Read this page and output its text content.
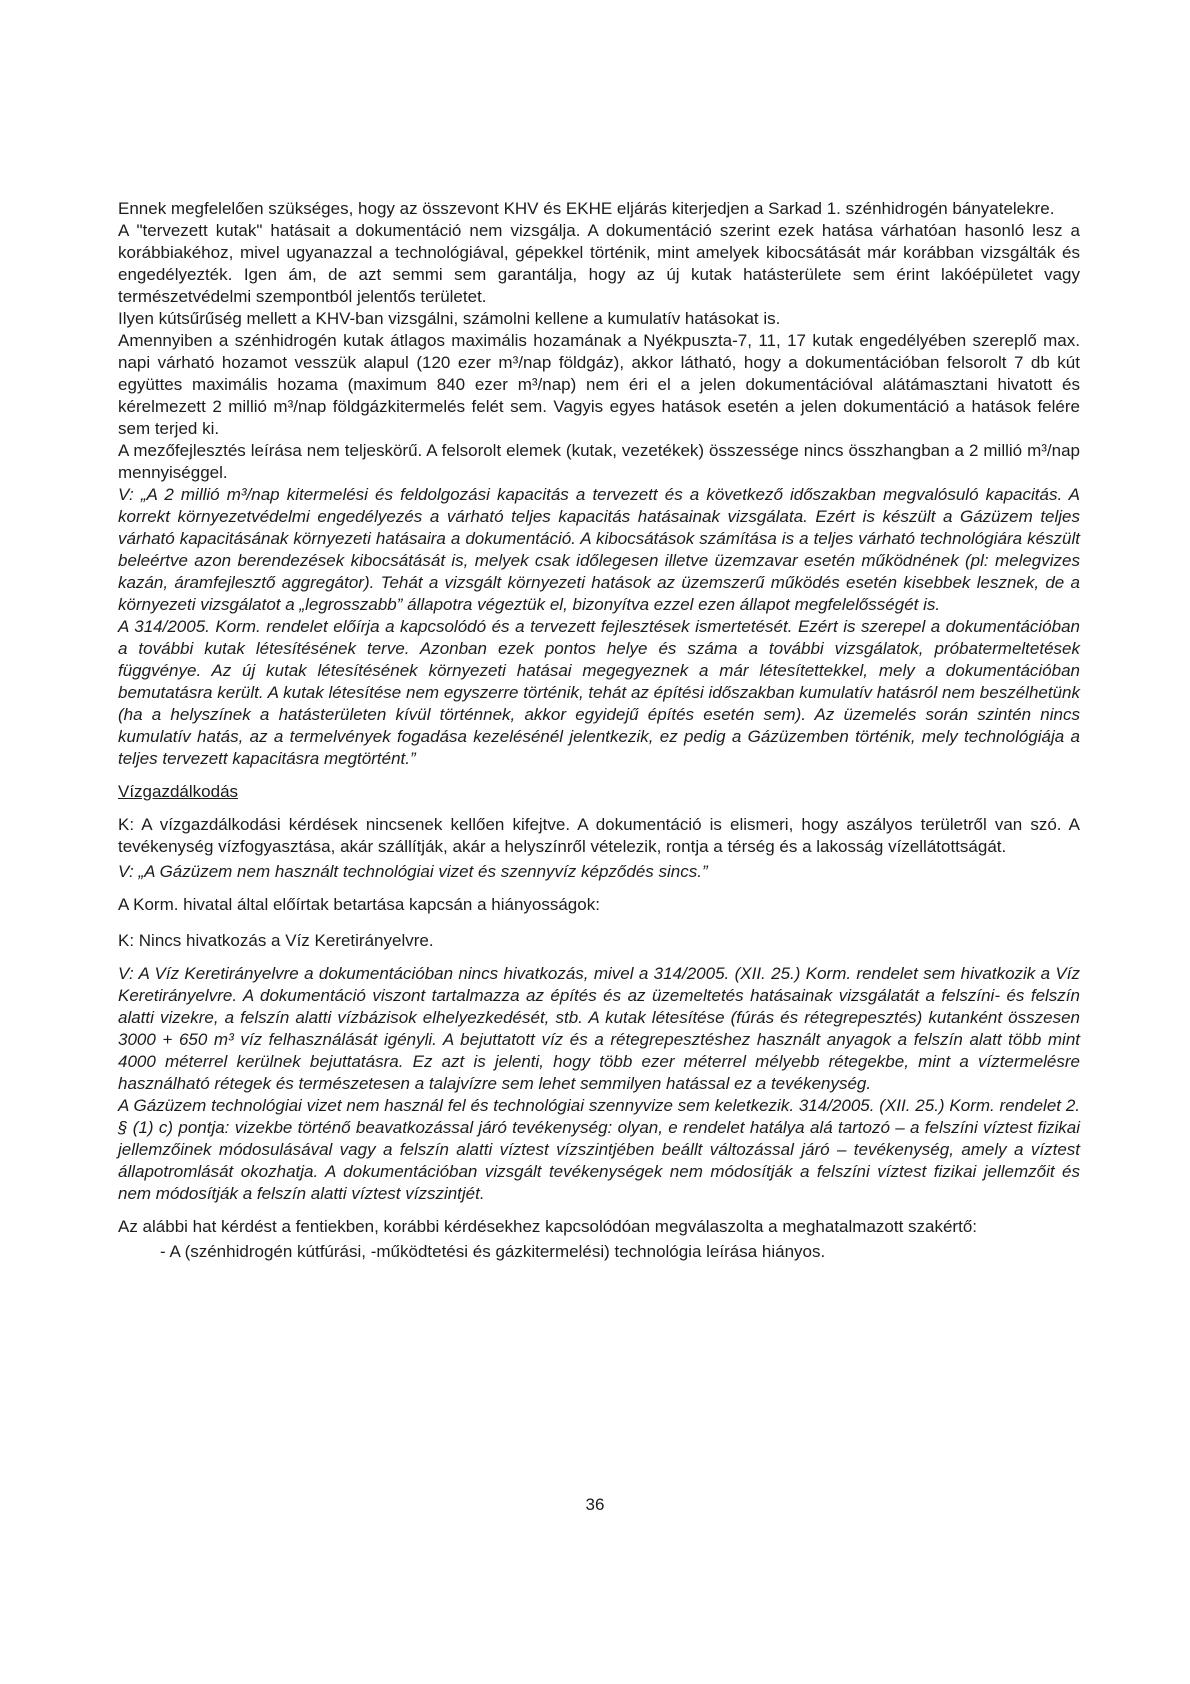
Ennek megfelelően szükséges, hogy az összevont KHV és EKHE eljárás kiterjedjen a Sarkad 1. szénhidrogén bányatelekre.

A "tervezett kutak" hatásait a dokumentáció nem vizsgálja. A dokumentáció szerint ezek hatása várhatóan hasonló lesz a korábbiakéhoz, mivel ugyanazzal a technológiával, gépekkel történik, mint amelyek kibocsátását már korábban vizsgálták és engedélyezték. Igen ám, de azt semmi sem garantálja, hogy az új kutak hatásterülete sem érint lakóépületet vagy természetvédelmi szempontból jelentős területet.

Ilyen kútsűrűség mellett a KHV-ban vizsgálni, számolni kellene a kumulatív hatásokat is.

Amennyiben a szénhidrogén kutak átlagos maximális hozamának a Nyékpuszta-7, 11, 17 kutak engedélyében szereplő max. napi várható hozamot vesszük alapul (120 ezer m³/nap földgáz), akkor látható, hogy a dokumentációban felsorolt 7 db kút együttes maximális hozama (maximum 840 ezer m³/nap) nem éri el a jelen dokumentációval alátámasztani hivatott és kérelmezett 2 millió m³/nap földgázkitermelés felét sem. Vagyis egyes hatások esetén a jelen dokumentáció a hatások felére sem terjed ki.

A mezőfejlesztés leírása nem teljeskörű. A felsorolt elemek (kutak, vezetékek) összessége nincs összhangban a 2 millió m³/nap mennyiséggel.

V: „A 2 millió m³/nap kitermelési és feldolgozási kapacitás a tervezett és a következő időszakban megvalósuló kapacitás. A korrekt környezetvédelmi engedélyezés a várható teljes kapacitás hatásainak vizsgálata. Ezért is készült a Gázüzem teljes várható kapacitásának környezeti hatásaira a dokumentáció. A kibocsátások számítása is a teljes várható technológiára készült beleértve azon berendezések kibocsátását is, melyek csak időlegesen illetve üzemzavar esetén működnének (pl: melegvizes kazán, áramfejlesztő aggregátor). Tehát a vizsgált környezeti hatások az üzemszerű működés esetén kisebbek lesznek, de a környezeti vizsgálatot a „legrosszabb” állapotra végeztük el, bizonyítva ezzel ezen állapot megfelelősségét is.

A 314/2005. Korm. rendelet előírja a kapcsolódó és a tervezett fejlesztések ismertetését. Ezért is szerepel a dokumentációban a további kutak létesítésének terve. Azonban ezek pontos helye és száma a további vizsgálatok, próbatermeltetések függvénye. Az új kutak létesítésének környezeti hatásai megegyeznek a már létesítettekkel, mely a dokumentációban bemutatásra került. A kutak létesítése nem egyszerre történik, tehát az építési időszakban kumulatív hatásról nem beszélhetünk (ha a helyszínek a hatásterületen kívül történnek, akkor egyidejű építés esetén sem). Az üzemelés során szintén nincs kumulatív hatás, az a termelvények fogadása kezelésénél jelentkezik, ez pedig a Gázüzemben történik, mely technológiája a teljes tervezett kapacitásra megtörtént.”

Vízgazdálkodás

K: A vízgazdálkodási kérdések nincsenek kellően kifejtve. A dokumentáció is elismeri, hogy aszályos területről van szó. A tevékenység vízfogyasztása, akár szállítják, akár a helyszínről vételezik, rontja a térség és a lakosság vízellátottságát.

V: „A Gázüzem nem használt technológiai vizet és szennyvíz képződés sincs.”

A Korm. hivatal által előírtak betartása kapcsán a hiányosságok:

K: Nincs hivatkozás a Víz Keretirányelvre.

V: A Víz Keretirányelvre a dokumentációban nincs hivatkozás, mivel a 314/2005. (XII. 25.) Korm. rendelet sem hivatkozik a Víz Keretirányelvre. A dokumentáció viszont tartalmazza az építés és az üzemeltetés hatásainak vizsgálatát a felszíni- és felszín alatti vizekre, a felszín alatti vízbázisok elhelyezkedését, stb. A kutak létesítése (fúrás és rétegrepesztés) kutanként összesen 3000 + 650 m³ víz felhasználását igényli. A bejuttatott víz és a rétegrepesztéshez használt anyagok a felszín alatt több mint 4000 méterrel kerülnek bejuttatásra. Ez azt is jelenti, hogy több ezer méterrel mélyebb rétegekbe, mint a víztermelésre használható rétegek és természetesen a talajvízre sem lehet semmilyen hatással ez a tevékenység.

A Gázüzem technológiai vizet nem használ fel és technológiai szennyvize sem keletkezik. 314/2005. (XII. 25.) Korm. rendelet 2. § (1) c) pontja: vizekbe történő beavatkozással járó tevékenység: olyan, e rendelet hatálya alá tartozó – a felszíni víztest fizikai jellemzőinek módosulásával vagy a felszín alatti víztest vízszintjében beállt változással járó – tevékenység, amely a víztest állapotromlását okozhatja. A dokumentációban vizsgált tevékenységek nem módosítják a felszíni víztest fizikai jellemzőit és nem módosítják a felszín alatti víztest vízszintjét.

Az alábbi hat kérdést a fentiekben, korábbi kérdésekhez kapcsolódóan megválaszolta a meghatalmazott szakértő:

- A (szénhidrogén kútfúrási, -működtetési és gázkitermelési) technológia leírása hiányos.

36
